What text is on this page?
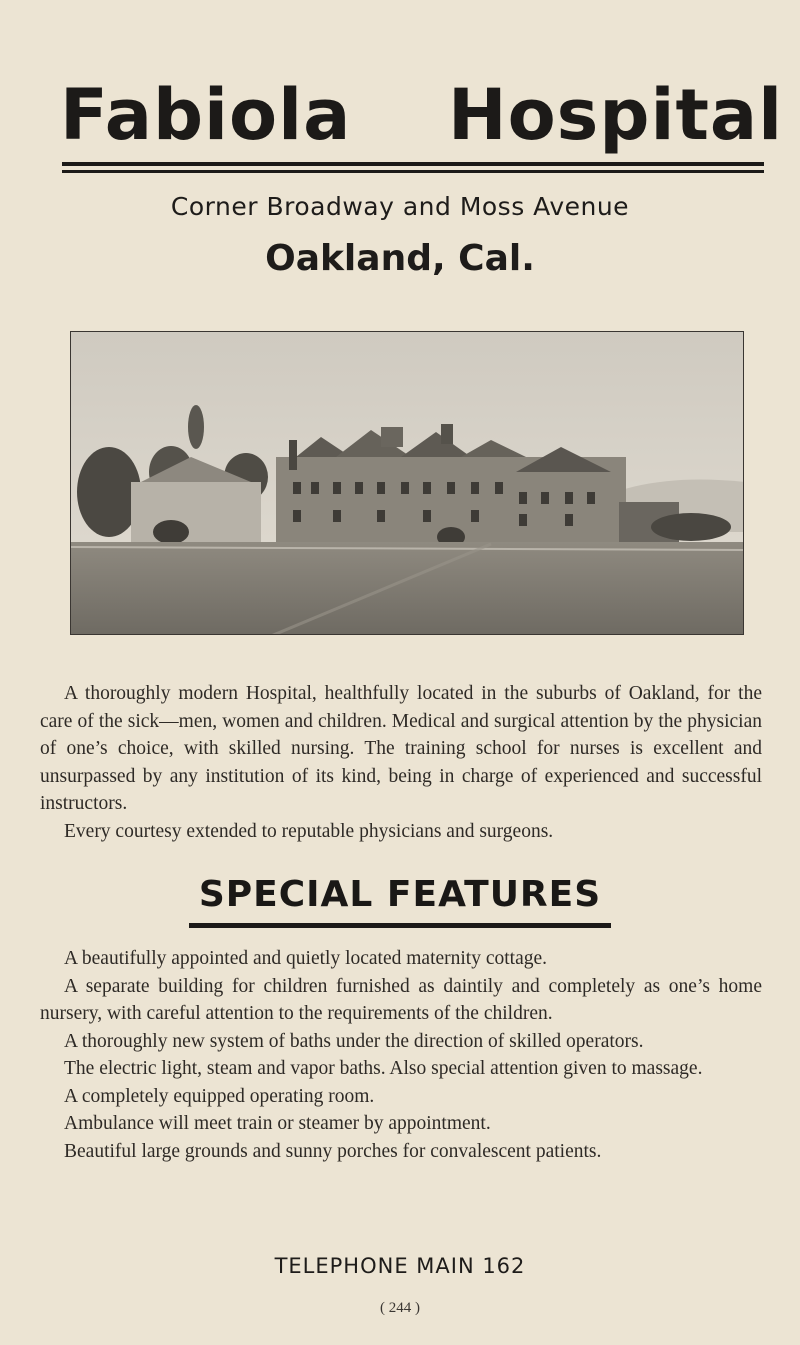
Fabiola Hospital
Corner Broadway and Moss Avenue
Oakland, Cal.

A thoroughly modern Hospital, healthfully located in the suburbs of Oakland, for the care of the sick—men, women and children. Medical and surgical attention by the physician of one’s choice, with skilled nursing. The training school for nurses is excellent and unsurpassed by any institution of its kind, being in charge of experienced and successful instructors.

Every courtesy extended to reputable physicians and surgeons.

SPECIAL FEATURES

A beautifully appointed and quietly located maternity cottage.

A separate building for children furnished as daintily and completely as one’s home nursery, with careful attention to the requirements of the children.

A thoroughly new system of baths under the direction of skilled operators.

The electric light, steam and vapor baths. Also special attention given to massage.

A completely equipped operating room.

Ambulance will meet train or steamer by appointment.

Beautiful large grounds and sunny porches for convalescent patients.

TELEPHONE MAIN 162
( 244 )
